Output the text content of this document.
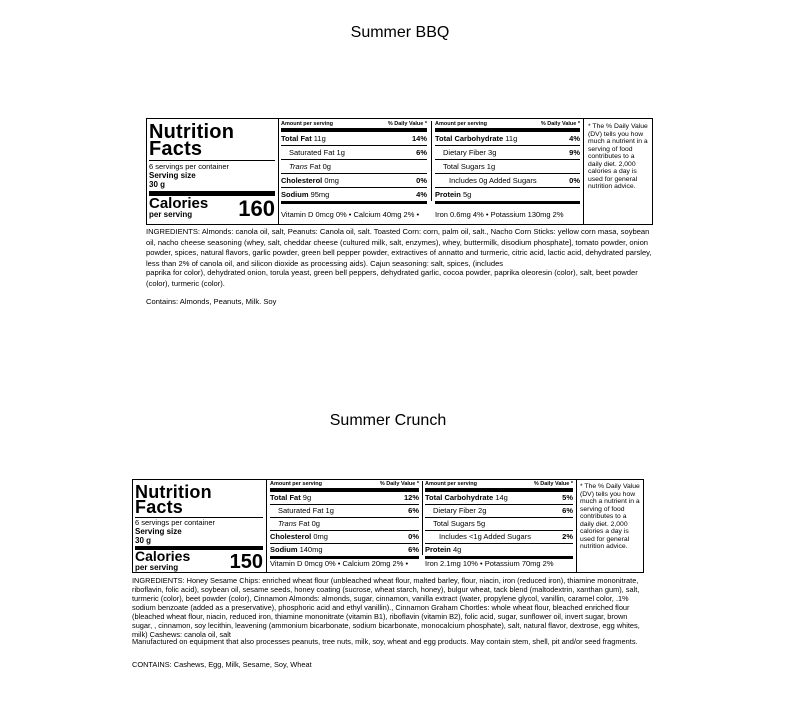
Summer BBQ
Nutrition
Facts
6 servings per container
Serving size
30 g
Calories
per serving	160
Amount per serving	% Daily Value *
Total Fat 11g	14%
Saturated Fat 1g	6%
Trans Fat 0g
Cholesterol 0mg	0%
Sodium 95mg	4%
Amount per serving	% Daily Value *
Total Carbohydrate 11g	4%
Dietary Fiber 3g	9%
Total Sugars 1g
Includes 0g Added Sugars	0%
Protein 5g
Vitamin D 0mcg 0% • Calcium 40mg 2% • Iron 0.6mg 4% • Potassium 130mg 2%
* The % Daily Value (DV) tells you how much a nutrient in a serving of food contributes to a daily diet. 2,000 calories a day is used for general nutrition advice.
INGREDIENTS: Almonds: canola oil, salt, Peanuts: Canola oil, salt. Toasted Corn: corn, palm oil, salt., Nacho Corn Sticks: yellow corn masa, soybean oil, nacho cheese seasoning (whey, salt, cheddar cheese (cultured milk, salt, enzymes), whey, buttermilk, disodium phosphate], tomato powder, onion powder, spices, natural flavors, garlic powder, green bell pepper powder, extractives of annatto and turmeric, citric acid, lactic acid, dehydrated parsley, less than 2% of canola oil, and silicon dioxide as processing aids). Cajun seasoning: salt, spices, (includes
paprika for color), dehydrated onion, torula yeast, green bell peppers, dehydrated garlic, cocoa powder, paprika oleoresin (color), salt, beet powder (color), turmeric (color).
Contains: Almonds, Peanuts, Milk. Soy
Summer Crunch
Nutrition
Facts
6 servings per container
Serving size
30 g
Calories
per serving	150
Amount per serving	% Daily Value *
Total Fat 9g	12%
Saturated Fat 1g	6%
Trans Fat 0g
Cholesterol 0mg	0%
Sodium 140mg	6%
Amount per serving	% Daily Value *
Total Carbohydrate 14g	5%
Dietary Fiber 2g	6%
Total Sugars 5g
Includes <1g Added Sugars	2%
Protein 4g
Vitamin D 0mcg 0% • Calcium 20mg 2% • Iron 2.1mg 10% • Potassium 70mg 2%
* The % Daily Value (DV) tells you how much a nutrient in a serving of food contributes to a daily diet. 2,000 calories a day is used for general nutrition advice.
INGREDIENTS: Honey Sesame Chips: enriched wheat flour (unbleached wheat flour, malted barley, flour, niacin, iron (reduced iron), thiamine mononitrate, riboflavin, folic acid), soybean oil, sesame seeds, honey coating (sucrose, wheat starch, honey), bulgur wheat, tack blend (maltodextrin, xanthan gum), salt, turmeric (color), beet powder (color), Cinnamon Almonds: almonds, sugar, cinnamon, vanilla extract (water, propylene glycol, vanillin, caramel color, .1% sodium benzoate (added as a preservative), phosphoric acid and ethyl vanillin)., Cinnamon Graham Chortles: whole wheat flour, bleached enriched flour (bleached wheat flour, niacin, reduced iron, thiamine mononitrate (vitamin B1), riboflavin (vitamin B2), folic acid, sugar, sunflower oil, invert sugar, brown sugar, , cinnamon, soy lecithin, leavening (ammonium bicarbonate, sodium bicarbonate, monocalcium phosphate), salt, natural flavor, dextrose, egg whites, milk) Cashews: canola oil, salt
Manufactured on equipment that also processes peanuts, tree nuts, milk, soy, wheat and egg products. May contain stem, shell, pit and/or seed fragments.
CONTAINS: Cashews, Egg, Milk, Sesame, Soy, Wheat
